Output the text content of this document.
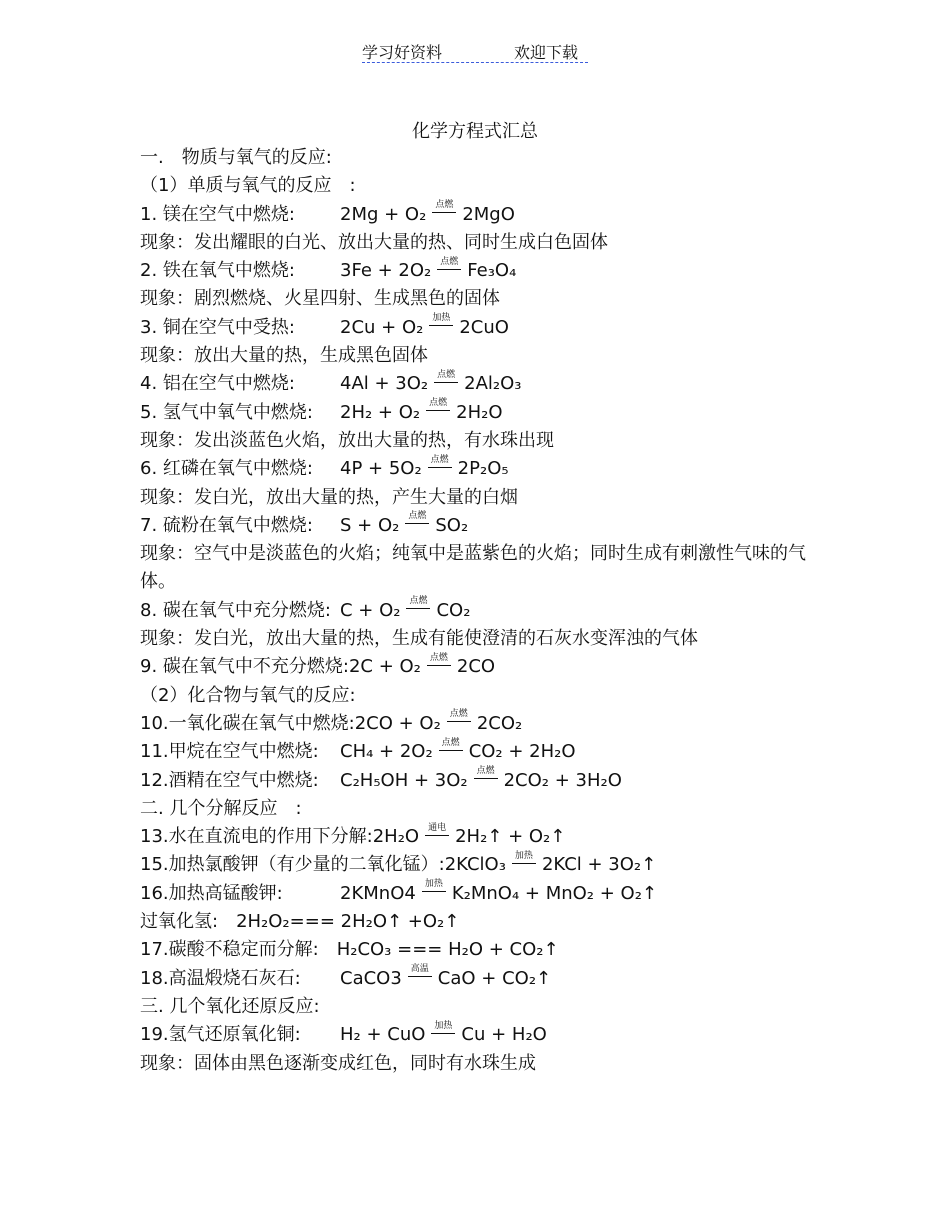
学习好资料	欢迎下载
化学方程式汇总
一.　物质与氧气的反应:
（1）单质与氧气的反应　:
1. 镁在空气中燃烧:	2Mg + O₂ 点燃 2MgO
现象：发出耀眼的白光、放出大量的热、同时生成白色固体
2. 铁在氧气中燃烧:	3Fe + 2O₂ 点燃 Fe₃O₄
现象：剧烈燃烧、火星四射、生成黑色的固体
3. 铜在空气中受热:	2Cu + O₂ 加热 2CuO
现象：放出大量的热，生成黑色固体
4. 铝在空气中燃烧:	4Al + 3O₂ 点燃 2Al₂O₃
5. 氢气中氧气中燃烧: 2H₂ + O₂ 点燃 2H₂O
现象：发出淡蓝色火焰，放出大量的热，有水珠出现
6. 红磷在氧气中燃烧: 4P + 5O₂ 点燃 2P₂O₅
现象：发白光，放出大量的热，产生大量的白烟
7. 硫粉在氧气中燃烧: S + O₂ 点燃 SO₂
现象：空气中是淡蓝色的火焰；纯氧中是蓝紫色的火焰；同时生成有刺激性气味的气体。
8. 碳在氧气中充分燃烧: C + O₂ 点燃 CO₂
现象：发白光，放出大量的热，生成有能使澄清的石灰水变浑浊的气体
9. 碳在氧气中不充分燃烧:2C + O₂ 点燃 2CO
（2）化合物与氧气的反应:
10.一氧化碳在氧气中燃烧:2CO + O₂ 点燃 2CO₂
11.甲烷在空气中燃烧: CH₄ + 2O₂ 点燃 CO₂ + 2H₂O
12.酒精在空气中燃烧: C₂H₅OH + 3O₂ 点燃 2CO₂ + 3H₂O
二. 几个分解反应　:
13.水在直流电的作用下分解:2H₂O 通电 2H₂↑ + O₂↑
15.加热氯酸钾（有少量的二氧化锰）:2KClO₃ 加热 2KCl + 3O₂↑
16.加热高锰酸钾:	2KMnO4 加热 K₂MnO₄ + MnO₂ + O₂↑
过氧化氢:　2H₂O₂=== 2H₂O↑ +O₂↑
17.碳酸不稳定而分解:　H₂CO₃ === H₂O + CO₂↑
18.高温煅烧石灰石: CaCO3 高温 CaO + CO₂↑
三. 几个氧化还原反应:
19.氢气还原氧化铜: H₂ + CuO 加热 Cu + H₂O
现象：固体由黑色逐渐变成红色，同时有水珠生成
